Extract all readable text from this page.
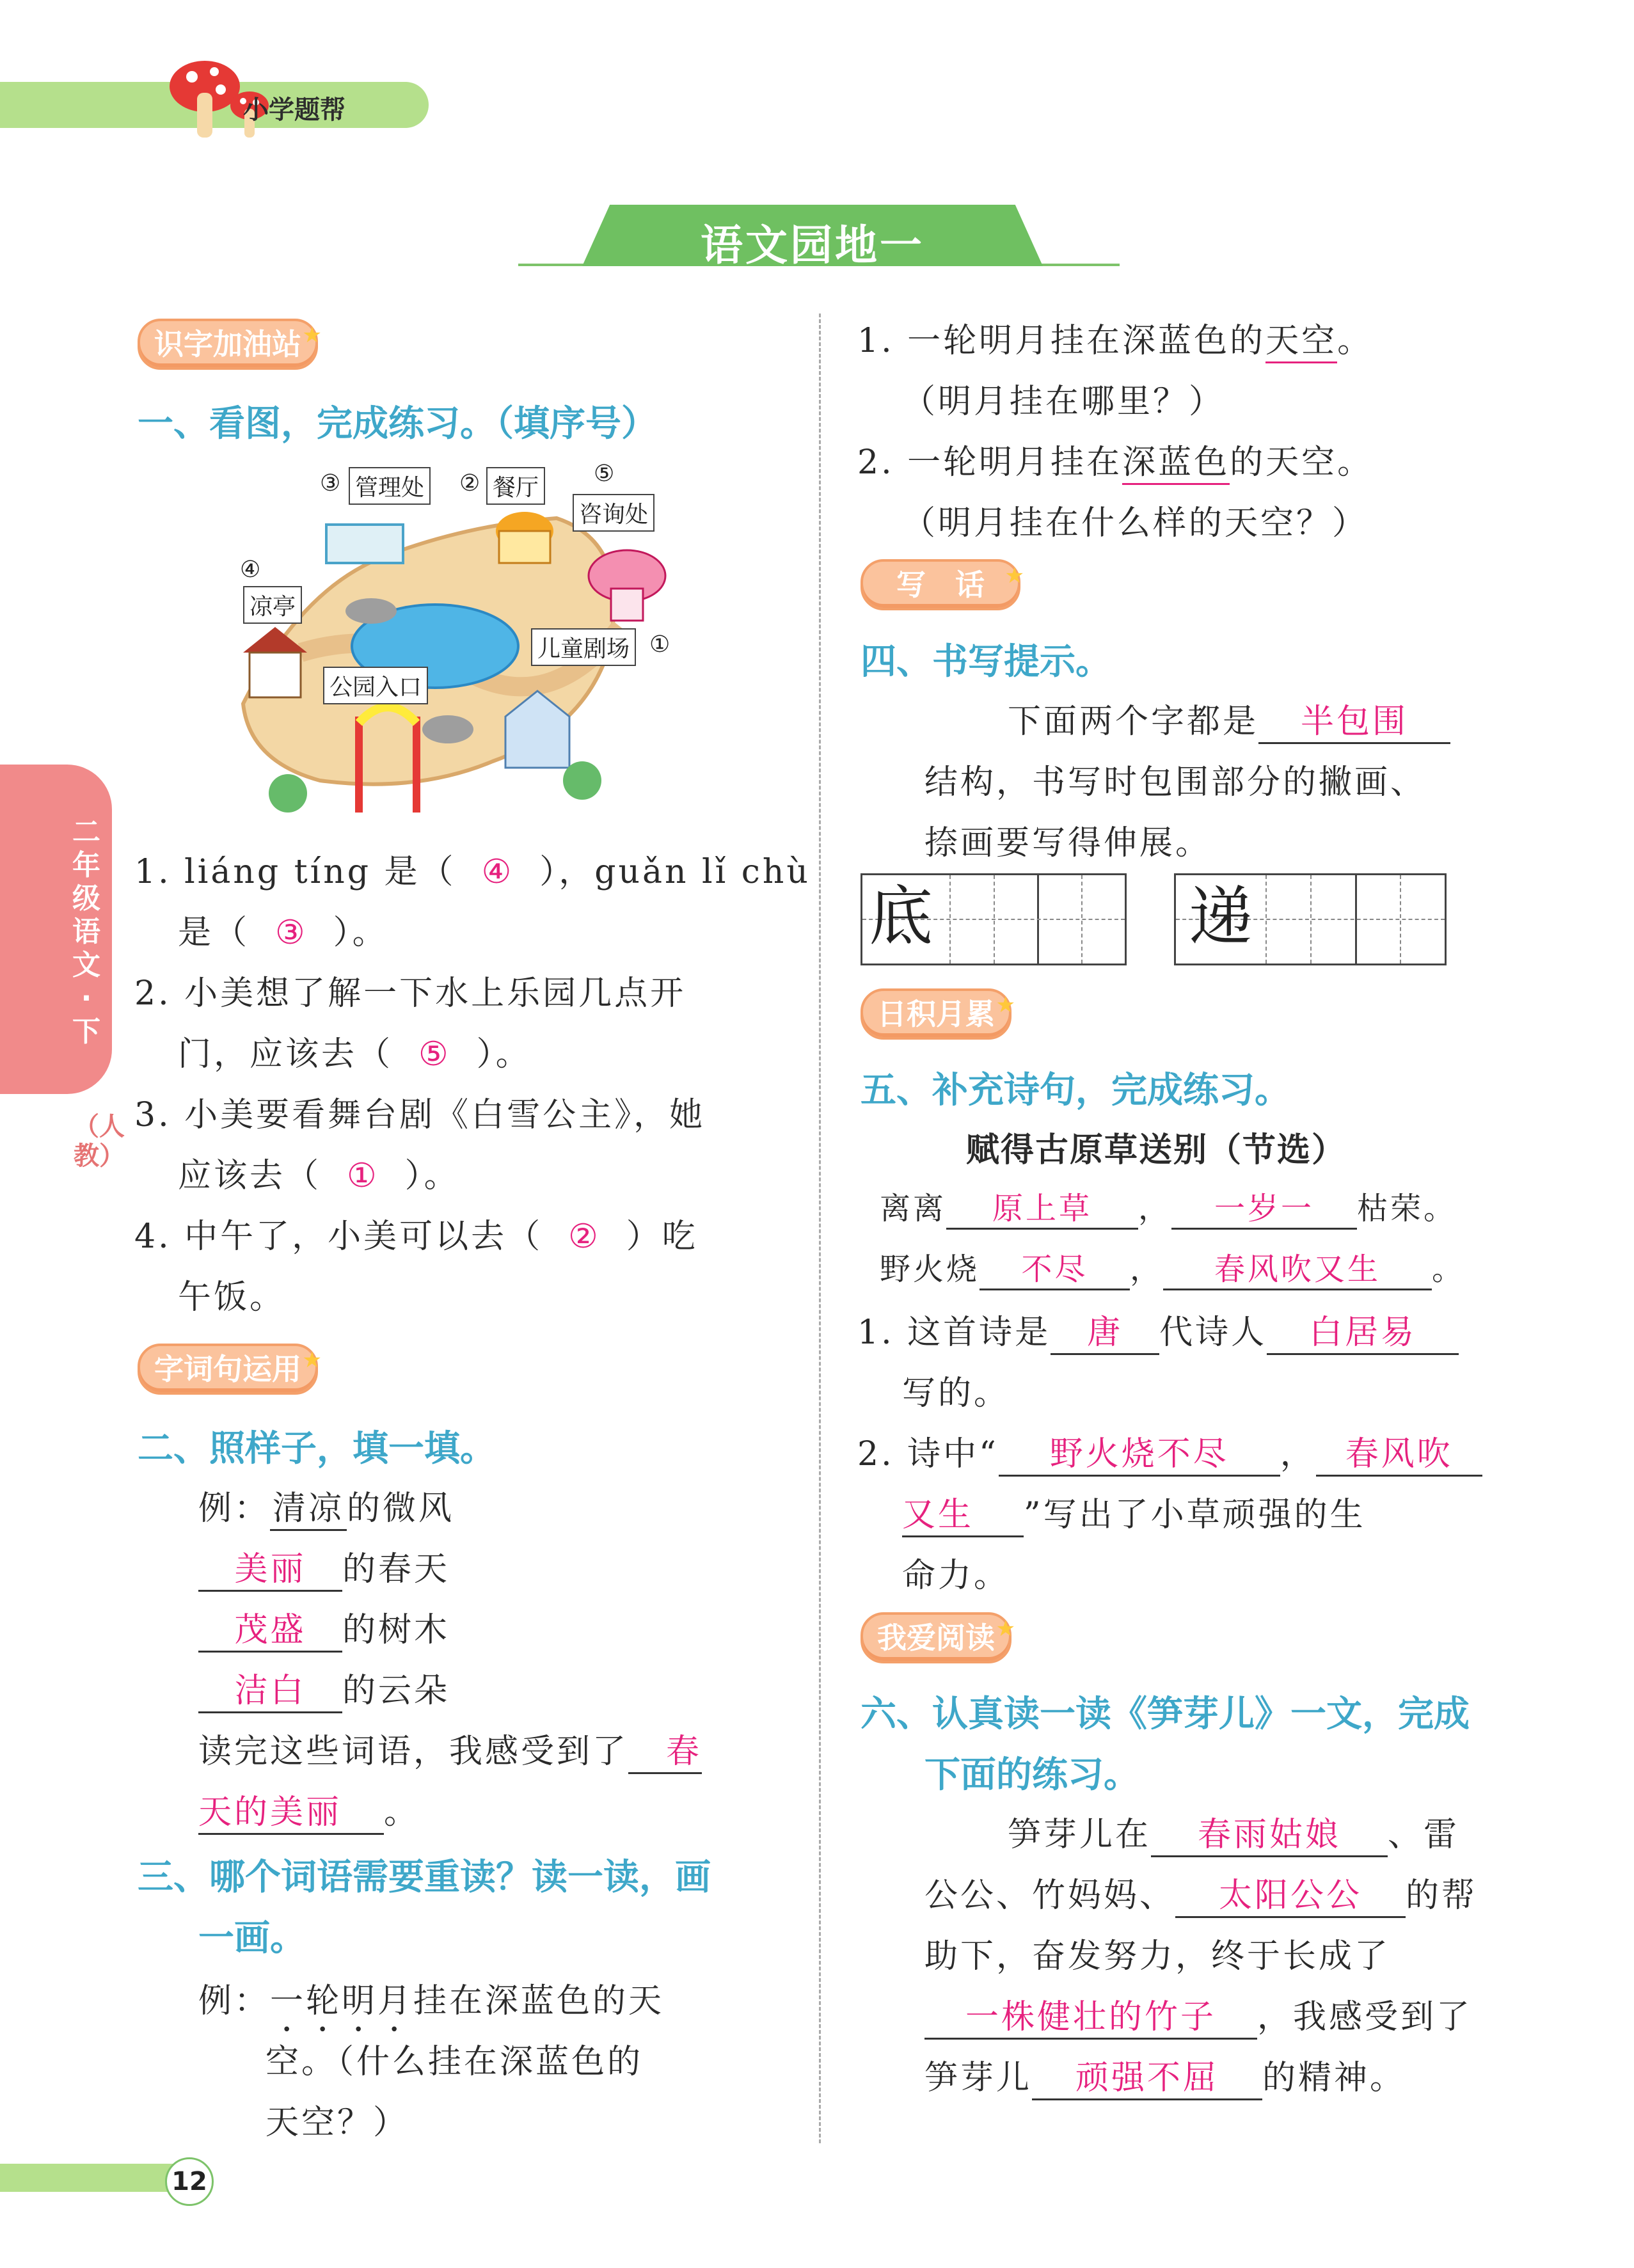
小学题帮
语文园地一
二年级语文·下
（人教）
识字加油站 ★
一、看图，完成练习。（填序号）
③ 管理处 ② 餐厅
⑤
咨询处
④
凉亭
儿童剧场 ①
公园入口
1. liáng tíng 是（ ④ ），guǎn lǐ chù
是（ ③ ）。
2. 小美想了解一下水上乐园几点开
门，应该去（ ⑤ ）。
3. 小美要看舞台剧《白雪公主》，她
应该去（ ① ）。
4. 中午了，小美可以去（ ② ）吃
午饭。
字词句运用 ★
二、照样子，填一填。
例：清凉的微风
美丽 的春天
茂盛 的树木
洁白 的云朵
读完这些词语，我感受到了 春
天的美丽 。
三、哪个词语需要重读？读一读，画
一画。
例：一轮明月挂在深蓝色的天
空。（什么挂在深蓝色的
天空？）
1. 一轮明月挂在深蓝色的天空。
（明月挂在哪里？）
2. 一轮明月挂在深蓝色的天空。
（明月挂在什么样的天空？）
写　话 ★
四、书写提示。
下面两个字都是 半包围
结构，书写时包围部分的撇画、
捺画要写得伸展。
底	递
日积月累 ★
五、补充诗句，完成练习。
赋得古原草送别（节选）
离离 原上草 ， 一岁一 枯荣。
野火烧 不尽 ， 春风吹又生 。
1. 这首诗是 唐 代诗人 白居易
写的。
2. 诗中“ 野火烧不尽 ， 春风吹
又生 ”写出了小草顽强的生
命力。
我爱阅读 ★
六、认真读一读《笋芽儿》一文，完成
下面的练习。
笋芽儿在 春雨姑娘 、雷
公公、竹妈妈、 太阳公公 的帮
助下，奋发努力，终于长成了
一株健壮的竹子 ，我感受到了
笋芽儿 顽强不屈 的精神。
12
